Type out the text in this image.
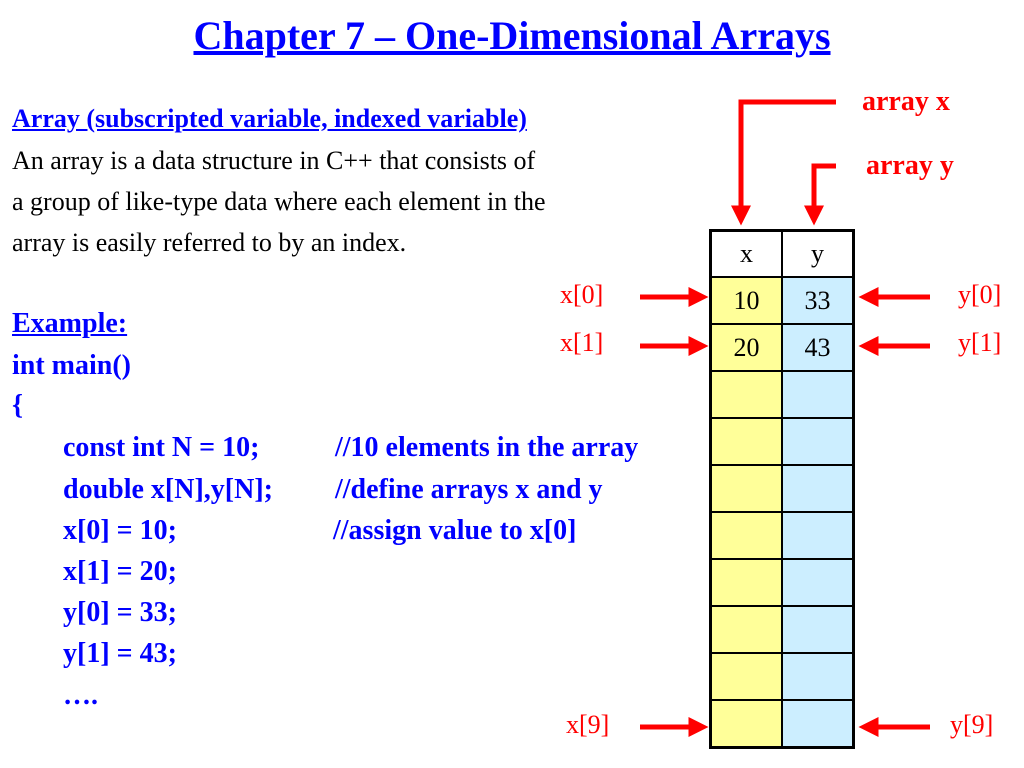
Chapter 7 – One-Dimensional Arrays
Array (subscripted variable, indexed variable)
An array is a data structure in C++ that consists of
a group of like-type data where each element in the
array is easily referred to by an index.
Example:
int main()
{
const int N = 10;	//10 elements in the array
double x[N],y[N]; //define arrays x and y
x[0] = 10;	//assign value to x[0]
x[1] = 20;
y[0] = 33;
y[1] = 43;
….
array x
array y
x[0]
x[1]
x[9]
y[0]
y[1]
y[9]
x	y
10	33
20	43
